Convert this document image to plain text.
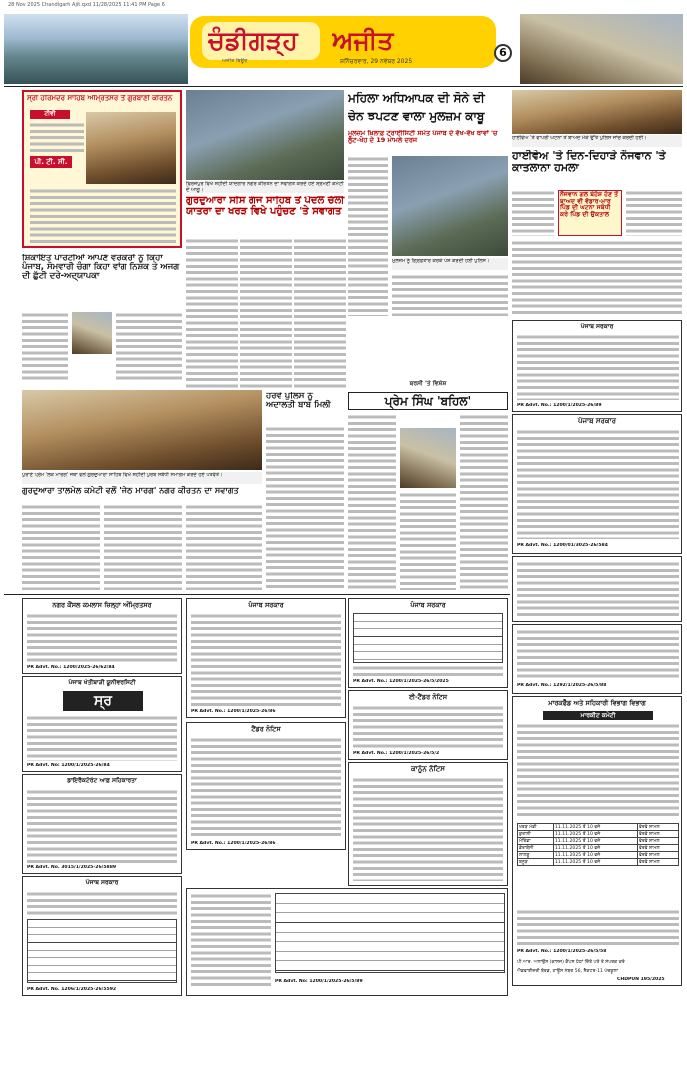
28 Nov 2025 Chandigarh Ajit.qxd 11/28/2025 11:41 PM Page 6
ਚੰਡੀਗੜ੍ਹ	ਅਜੀਤ
ਅਜੀਤ ਬਿਊਰੋ	ਸ਼ਨਿੱਚਰਵਾਰ, 29 ਨਵੰਬਰ 2025
6
ਸ੍ਰੀ ਹਰਿਮੰਦਰ ਸਾਹਿਬ ਅੰਮ੍ਰਿਤਸਰ ਤੋਂ ਗੁਰਬਾਣੀ ਕੀਰਤਨ
ਟੀਵੀ
ਪੀ. ਟੀ. ਸੀ.
ਫਿਰੋਜ਼ਪੁਰ ਵਿਖੇ ਸ਼ਹੀਦੀ ਯਾਦਗਾਰ ਨਗਰ ਕੀਰਤਨ ਦਾ ਸਵਾਗਤ ਕਰਦੇ ਹੋਏ ਸ਼੍ਰੋਮਣੀ ਕਮੇਟੀ ਦੇ ਆਗੂ।
ਗੁਰਦੁਆਰਾ ਸੀਸ ਗੰਜ ਸਾਹਿਬ ਤੋਂ ਪੈਦਲ ਚੱਲੀ ਯਾਤਰਾ ਦਾ ਖਰੜ ਵਿਖੇ ਪਹੁੰਚਣ 'ਤੇ ਸਵਾਗਤ
ਮਹਿਲਾ ਅਧਿਆਪਕ ਦੀ ਸੋਨੇ ਦੀ
ਚੇਨ ਝਪਟਣ ਵਾਲਾ ਮੁਲਜ਼ਮ ਕਾਬੂ
ਮੁਲਜ਼ਮ ਖ਼ਿਲਾਫ਼ ਟ੍ਰਾਈਸਿਟੀ ਸਮੇਤ ਪੰਜਾਬ ਦੇ ਵੱਖ-ਵੱਖ ਥਾਵਾਂ 'ਚ ਲੁੱਟ-ਖੋਹ ਦੇ 19 ਮਾਮਲੇ ਦਰਜ
ਮੁਲਜ਼ਮ ਨੂੰ ਗ੍ਰਿਫ਼ਤਾਰ ਕਰਕੇ ਪੇਸ਼ ਕਰਦੀ ਹੋਈ ਪੁਲਿਸ।
ਹਾਈਵੇਅ 'ਤੇ ਵਾਪਰੀ ਘਟਨਾ ਤੋਂ ਬਾਅਦ ਮੌਕੇ ਉੱਤੇ ਪੁਲਿਸ ਜਾਂਚ ਕਰਦੀ ਹੋਈ।
ਹਾਈਵੇਅ 'ਤੇ ਦਿਨ-ਦਿਹਾੜੇ ਨੌਜਵਾਨ 'ਤੇ ਕਾਤਲਾਨਾ ਹਮਲਾ
ਨੌਜਵਾਨ ਗਲ ਬੇਹੋਸ਼ ਹੋਣ ਤੋਂ ਬਾਅਦ ਵੀ ਵੱਡਾਰ-ਮਾਰ ਪਿੰਡ ਦੀ ਘਟਨਾ ਸਬੰਧੀ ਕਰੇ ਪਿੰਡ ਦੀ ਉਕਤਾਲ
ਸ਼ਿਕਾਇਤ ਪਾਰਟੀਆਂ ਆਪਣੇ ਵਰਕਰਾਂ ਨੂੰ ਕਿਹਾ ਪੰਜਾਬ, ਸੋਮਵਾਰੀ ਚੰਗਾ ਕਿਹਾ ਵਾਂਗ ਨਿਸ਼ਕ ਤੇ ਅਜਗ ਦੀ ਛੁੱਟੀ ਦਰੇ-ਅਦ੍ਯਾਪਕਾ
ਪੁਰਾਣੇ ਪ੍ਰੇਮ 'ਲੋਕ ਮਾਰਗ' ਜਥਾ ਵਲੋਂ ਗੁਰਦੁਆਰਾ ਸਾਹਿਬ ਵਿਖੇ ਸ਼ਹੀਦੀ ਪੁਰਬ ਸਬੰਧੀ ਸਮਾਗਮ ਕਰਦੇ ਹੋਏ ਪਤਵੰਤੇ।
ਗੁਰਦੁਆਰਾ ਤਾਲਮੇਲ ਕਮੇਟੀ ਵਲੋਂ 'ਜੇਠ ਮਾਰਗ' ਨਗਰ ਕੀਰਤਨ ਦਾ ਸਵਾਗਤ
ਹਰਵੇ ਪੁਲਿਸ ਨੂੰ ਅਦਾਲਤੀ ਬਾਬ ਮਿਲੀ
ਬਰਸੀ 'ਤੇ ਵਿਸ਼ੇਸ਼
ਪ੍ਰੇਮ ਸਿੰਘ 'ਬਹਿਲ'
ਪੰਜਾਬ ਸਰਕਾਰ
PR Advt. No.: 1200/1/2025-26/89
ਪੰਜਾਬ ਸਰਕਾਰ
PR Advt. No.: 1200/01/3025-26/584
ਨਗਰ ਕੌਂਸਲ ਕਮਲਾਸ ਜ਼ਿਲ੍ਹਾ ਅੰਮ੍ਰਿਤਸਰ
PR Advt. No.: 1200/2025-26/62/84
ਪੰਜਾਬ ਖੇਤੀਬਾੜੀ ਯੂਨੀਵਰਸਿਟੀ
ਸ੍ਰ
PR Advt. No: 1200/1/2025-26/84
ਡਾਇਰੈਕਟੋਰੇਟ ਆਫ਼ ਸਹਿਕਾਰਤਾ
PR Advt. No. 3015/1/2025-26/5889
ਪੰਜਾਬ ਸਰਕਾਰ
PR Advt. No. 1206/1/2025-26/5592
ਪੰਜਾਬ ਸਰਕਾਰ
PR Advt. No.: 1200/1/2025-26/86
ਟੈਂਡਰ ਨੋਟਿਸ
PR Advt. No.: 1200/1/2025-26/86
ਪੰਜਾਬ ਸਰਕਾਰ
PR Advt. No.: 1200/1/2025-26/5/2025
ਈ-ਟੈਂਡਰ ਨੋਟਿਸ
PR Advt. No.: 1200/1/2025-26/5/2
ਕਾਨੂੰਨ ਨੋਟਿਸ
PR Advt. No: 1200/1/2025-26/5/89
PR Advt. No.: 1292/1/2025-26/5/88
ਮਾਰਕਫੈੱਡ ਅਤੇ ਸਹਿਕਾਰੀ ਵਿਭਾਗ ਵਿਭਾਗ
ਮਾਰਕੀਟ ਕਮੇਟੀ
ਖਰੜ ਮੰਡੀ	11.11.2025 ਤੋਂ 10 ਵਜੇ	ਵੇਰਵੇ ਸ਼ਾਮਲ
ਕੁਰਾਲੀ	11.11.2025 ਤੋਂ 10 ਵਜੇ	ਵੇਰਵੇ ਸ਼ਾਮਲ
ਮੋਰਿੰਡਾ	11.11.2025 ਤੋਂ 10 ਵਜੇ	ਵੇਰਵੇ ਸ਼ਾਮਲ
ਡੇਰਾਬੱਸੀ	11.11.2025 ਤੋਂ 10 ਵਜੇ	ਵੇਰਵੇ ਸ਼ਾਮਲ
ਲਾਲੜੂ	11.11.2025 ਤੋਂ 10 ਵਜੇ	ਵੇਰਵੇ ਸ਼ਾਮਲ
ਬਨੂੜ	11.11.2025 ਤੋਂ 10 ਵਜੇ	ਵੇਰਵੇ ਸ਼ਾਮਲ
PR Advt. No.: 1200/1/2025-26/5/58
ਪੀ.ਆਰ. ਅਲਾਉਂਸ (ਕਾਲਜ) ਕੈਂਪਸ ਹੇਠਾਂ ਦਿੱਤੇ ਪਤੇ ਤੇ ਸੰਪਰਕ ਕਰੋ
ਐਡਵਾਈਜ਼ਰੀ ਬੋਰਡ, ਹਾਊਸ ਨੰਬਰ 56, ਸੈਕਟਰ-11 ਪੰਚਕੂਲਾ
CHDPUN 195/2025
